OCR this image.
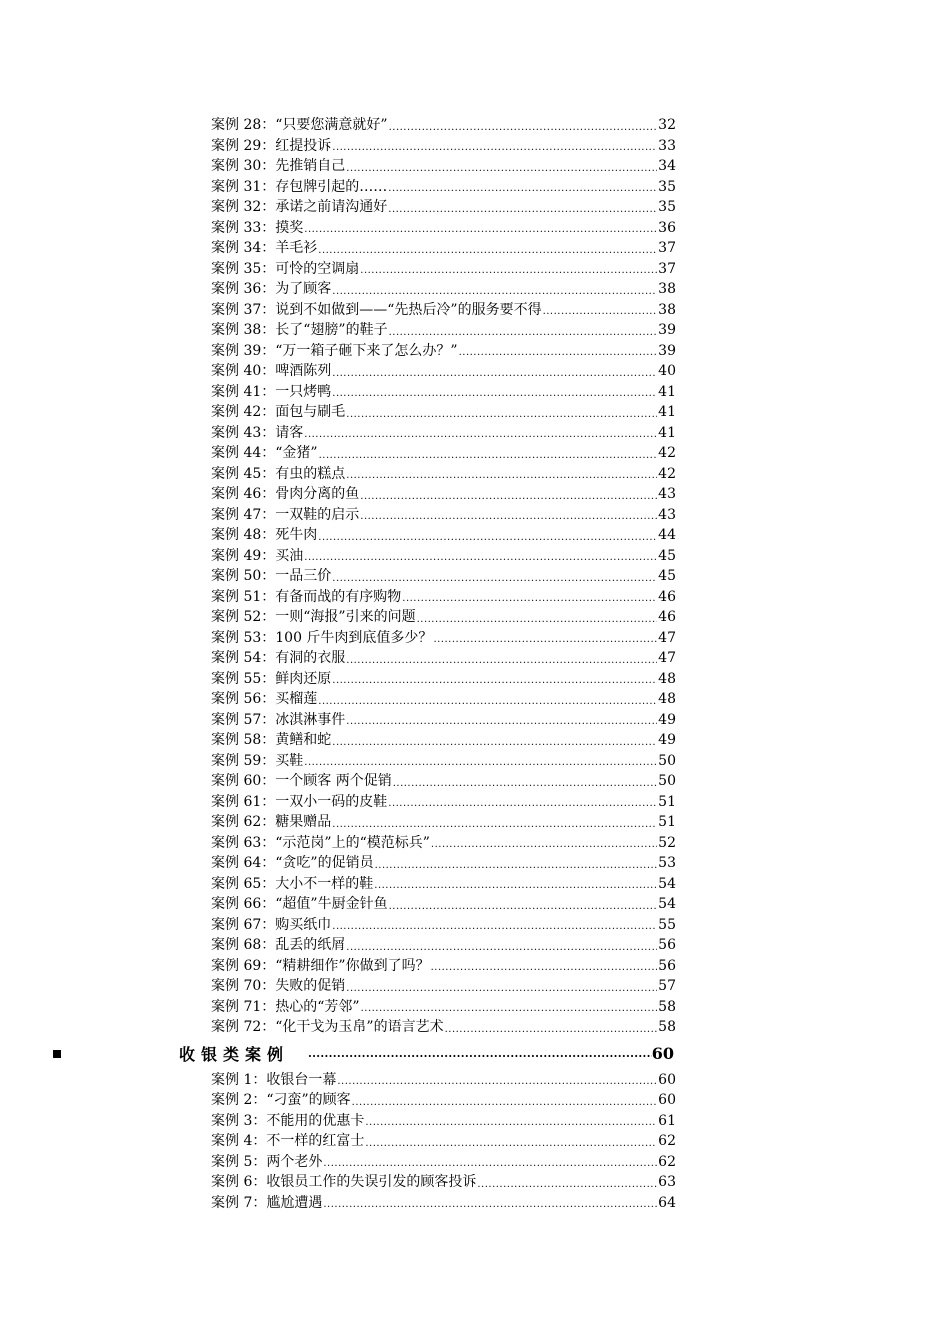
案例 28：“只要您满意就好” .....	32
案例 29：红提投诉 .....	33
案例 30：先推销自己 .....	34
案例 31：存包牌引起的…… .....	35
案例 32：承诺之前请沟通好 .....	35
案例 33：摸奖 .....	36
案例 34：羊毛衫 .....	37
案例 35：可怜的空调扇 .....	37
案例 36：为了顾客 .....	38
案例 37：说到不如做到——“先热后冷”的服务要不得 .....	38
案例 38：长了“翅膀”的鞋子 .....	39
案例 39：“万一箱子砸下来了怎么办？” .....	39
案例 40：啤酒陈列 .....	40
案例 41：一只烤鸭 .....	41
案例 42：面包与刷毛 .....	41
案例 43：请客 .....	41
案例 44：“金猪” .....	42
案例 45：有虫的糕点 .....	42
案例 46：骨肉分离的鱼 .....	43
案例 47：一双鞋的启示 .....	43
案例 48：死牛肉 .....	44
案例 49：买油 .....	45
案例 50：一品三价 .....	45
案例 51：有备而战的有序购物 .....	46
案例 52：一则“海报”引来的问题 .....	46
案例 53：100 斤牛肉到底值多少？ .....	47
案例 54：有洞的衣服 .....	47
案例 55：鲜肉还原 .....	48
案例 56：买榴莲 .....	48
案例 57：冰淇淋事件 .....	49
案例 58：黄鳝和蛇 .....	49
案例 59：买鞋 .....	50
案例 60：一个顾客 两个促销 .....	50
案例 61：一双小一码的皮鞋 .....	51
案例 62：糖果赠品 .....	51
案例 63：“示范岗”上的“模范标兵” .....	52
案例 64：“贪吃”的促销员 .....	53
案例 65：大小不一样的鞋 .....	54
案例 66：“超值”牛厨金针鱼 .....	54
案例 67：购买纸巾 .....	55
案例 68：乱丢的纸屑 .....	56
案例 69：“精耕细作”你做到了吗？ .....	56
案例 70：失败的促销 .....	57
案例 71：热心的“芳邻” .....	58
案例 72：“化干戈为玉帛”的语言艺术 .....	58
收银类案例 .....	60
案例 1：收银台一幕 .....	60
案例 2：“刁蛮”的顾客 .....	60
案例 3：不能用的优惠卡 .....	61
案例 4：不一样的红富士 .....	62
案例 5：两个老外 .....	62
案例 6：收银员工作的失误引发的顾客投诉 .....	63
案例 7：尴尬遭遇 .....	64
